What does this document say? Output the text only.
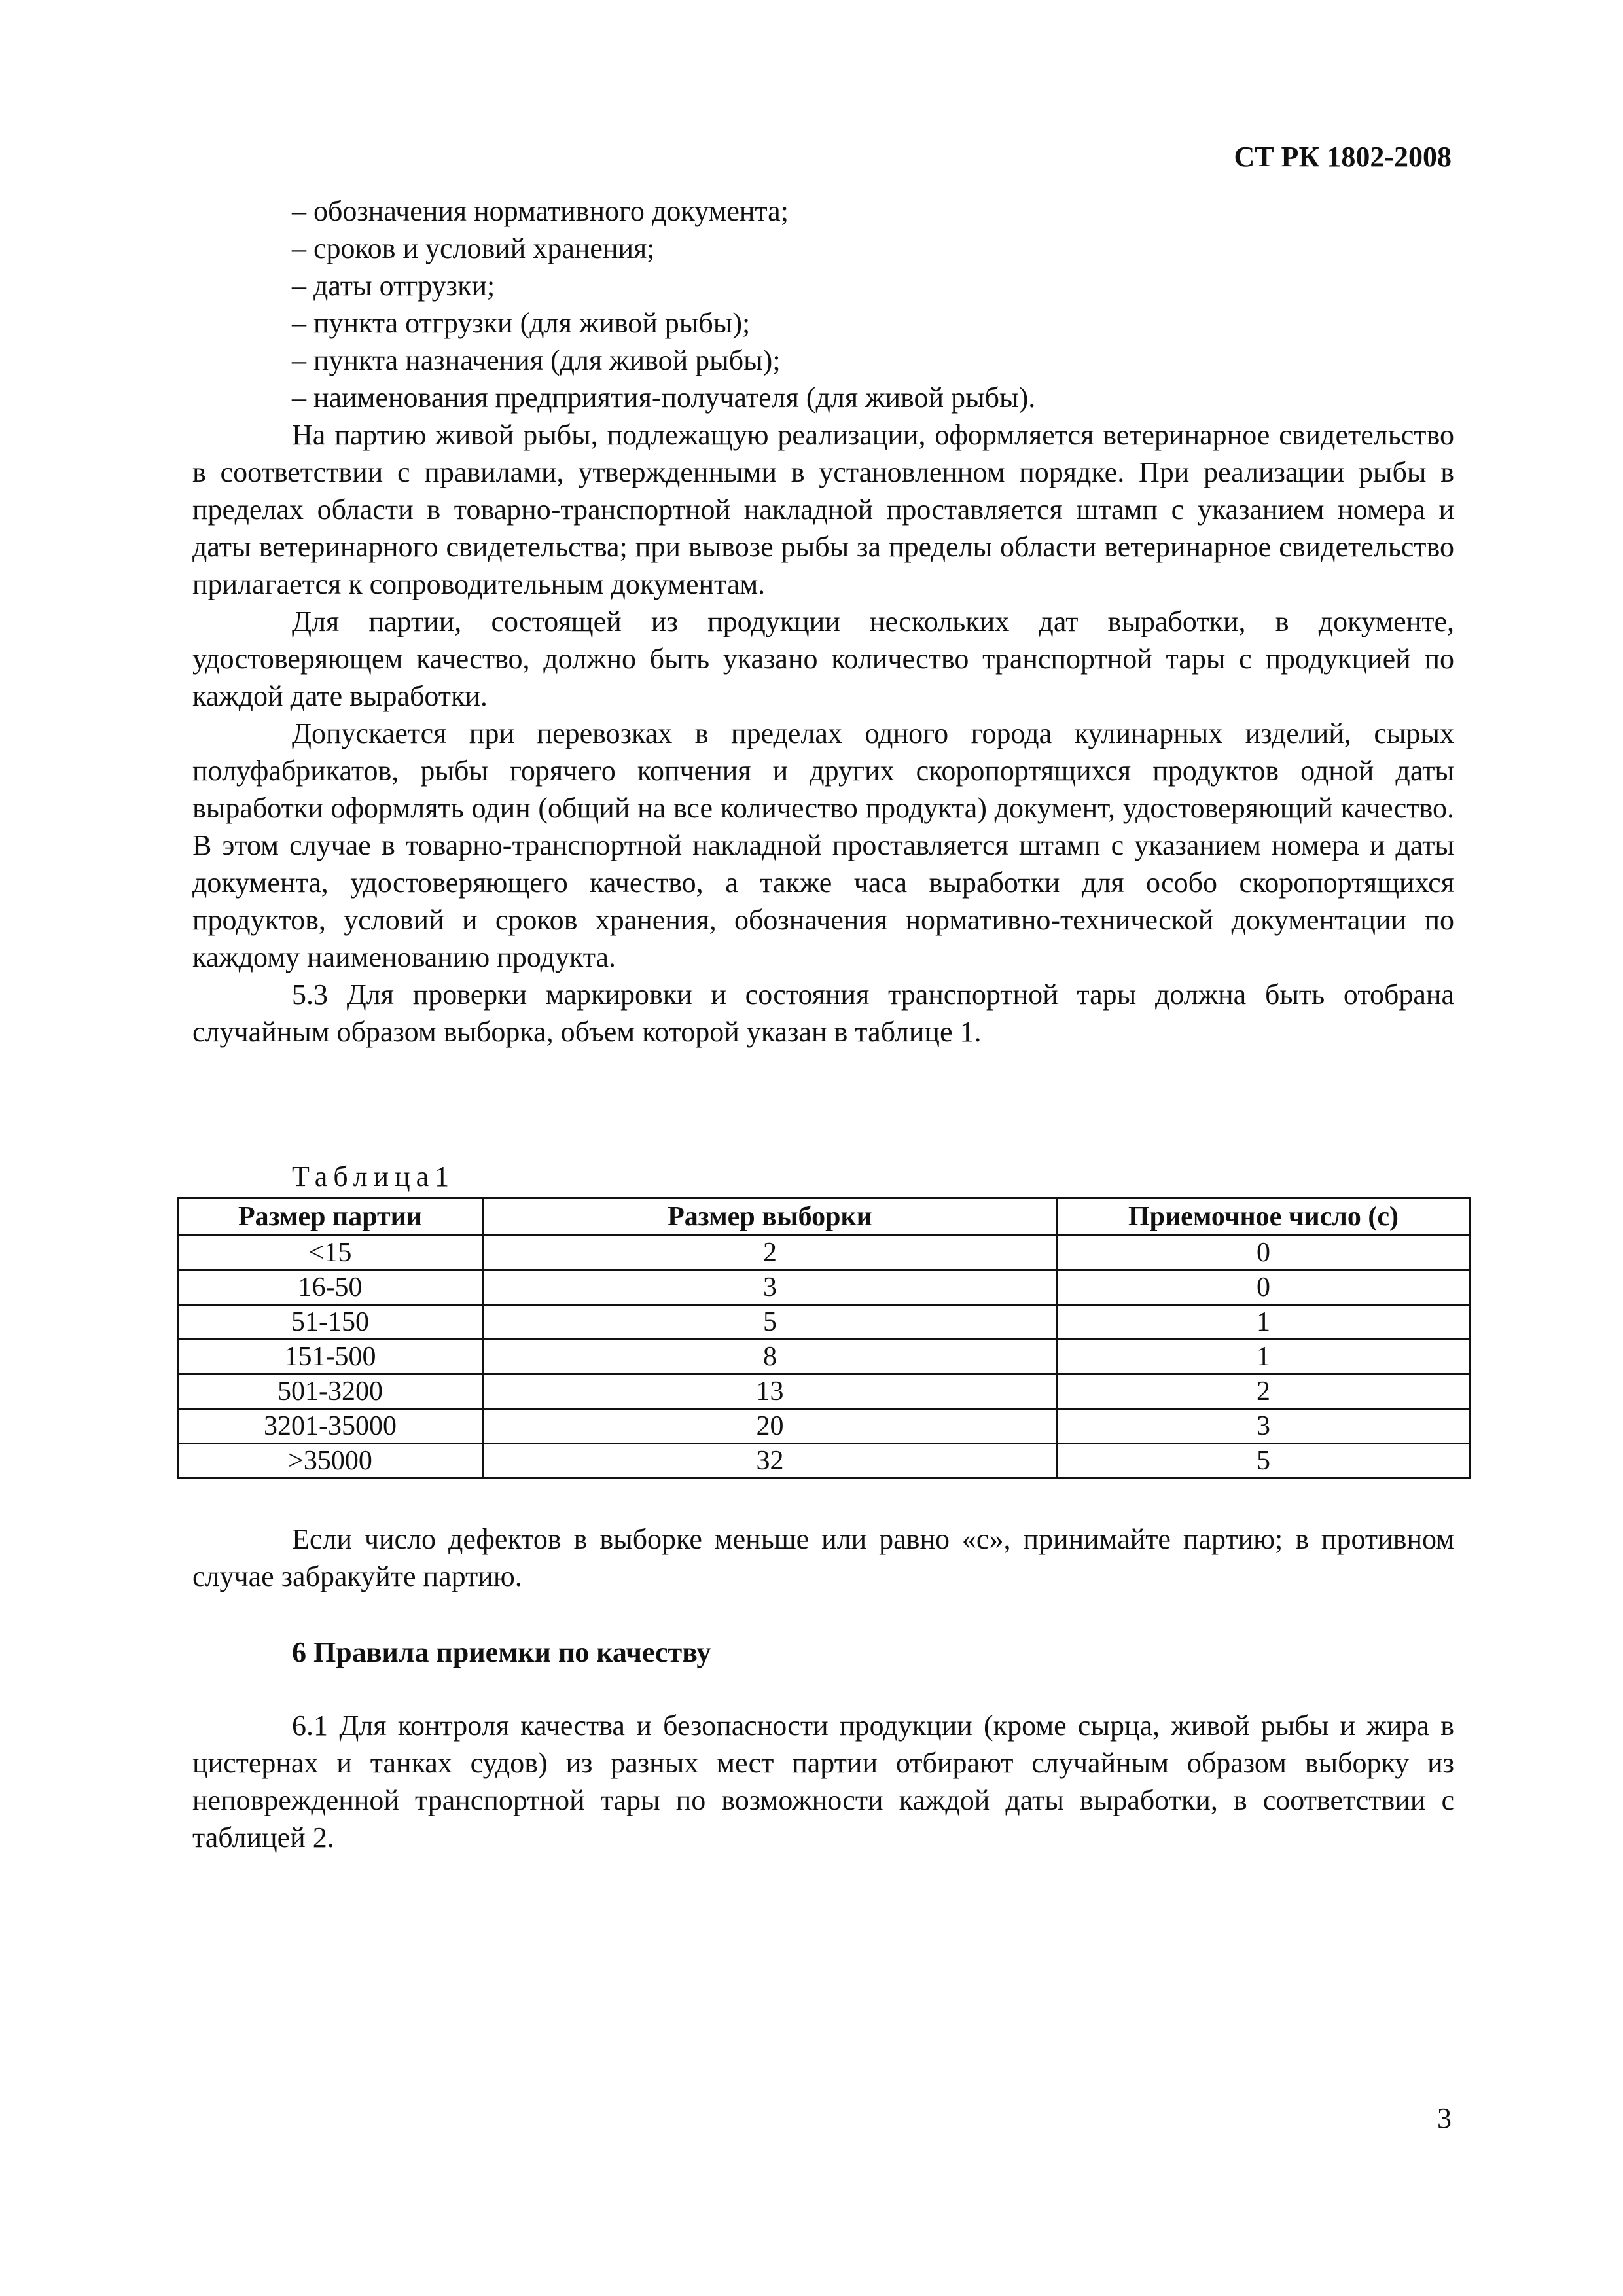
СТ РК 1802-2008
– обозначения нормативного документа;
– сроков и условий хранения;
– даты отгрузки;
– пункта отгрузки (для живой рыбы);
– пункта назначения (для живой рыбы);
– наименования предприятия-получателя (для живой рыбы).

На партию живой рыбы, подлежащую реализации, оформляется ветеринарное свидетельство в соответствии с правилами, утвержденными в установленном порядке. При реализации рыбы в пределах области в товарно-транспортной накладной проставляется штамп с указанием номера и даты ветеринарного свидетельства; при вывозе рыбы за пределы области ветеринарное свидетельство прилагается к сопроводительным документам.

Для партии, состоящей из продукции нескольких дат выработки, в документе, удостоверяющем качество, должно быть указано количество транспортной тары с продукцией по каждой дате выработки.

Допускается при перевозках в пределах одного города кулинарных изделий, сырых полуфабрикатов, рыбы горячего копчения и других скоропортящихся продуктов одной даты выработки оформлять один (общий на все количество продукта) документ, удостоверяющий качество. В этом случае в товарно-транспортной накладной проставляется штамп с указанием номера и даты документа, удостоверяющего качество, а также часа выработки для особо скоропортящихся продуктов, условий и сроков хранения, обозначения нормативно-технической документации по каждому наименованию продукта.

5.3 Для проверки маркировки и состояния транспортной тары должна быть отобрана случайным образом выборка, объем которой указан в таблице 1.

Таблица1
Размер партии	Размер выборки	Приемочное число (c)
<15	2	0
16-50	3	0
51-150	5	1
151-500	8	1
501-3200	13	2
3201-35000	20	3
>35000	32	5

Если число дефектов в выборке меньше или равно «с», принимайте партию; в противном случае забракуйте партию.

6 Правила приемки по качеству

6.1 Для контроля качества и безопасности продукции (кроме сырца, живой рыбы и жира в цистернах и танках судов) из разных мест партии отбирают случайным образом выборку из неповрежденной транспортной тары по возможности каждой даты выработки, в соответствии с таблицей 2.

3
